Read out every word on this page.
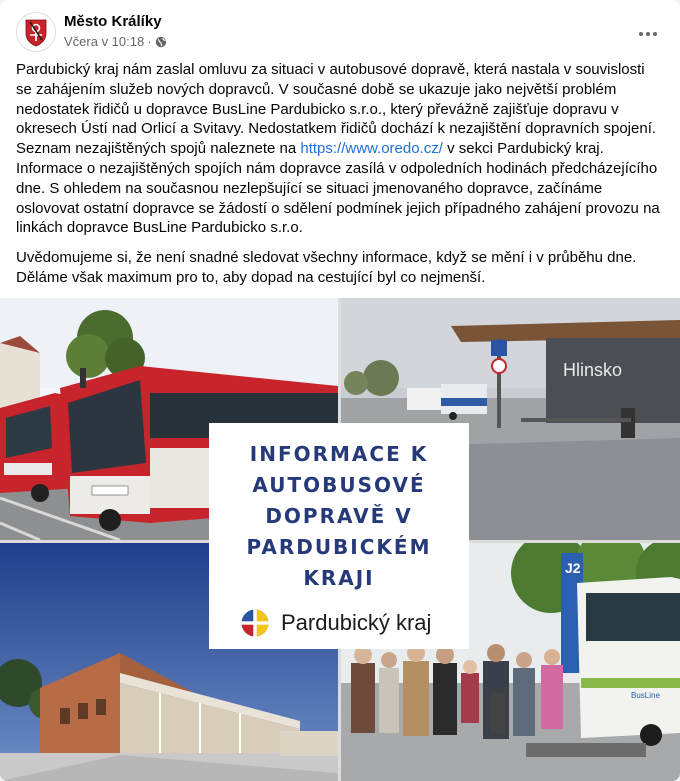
Město Králíky
Včera v 10:18 ·

Pardubický kraj nám zaslal omluvu za situaci v autobusové dopravě, která nastala v souvislosti se zahájením služeb nových dopravců. V současné době se ukazuje jako největší problém nedostatek řidičů u dopravce BusLine Pardubicko s.r.o., který převážně zajišťuje dopravu v okresech Ústí nad Orlicí a Svitavy. Nedostatkem řidičů dochází k nezajištění dopravních spojení. Seznam nezajištěných spojů naleznete na https://www.oredo.cz/ v sekci Pardubický kraj. Informace o nezajištěných spojích nám dopravce zasílá v odpoledních hodinách předcházejícího dne. S ohledem na současnou nezlepšující se situaci jmenovaného dopravce, začínáme oslovovat ostatní dopravce se žádostí o sdělení podmínek jejich případného zahájení provozu na linkách dopravce BusLine Pardubicko s.r.o.

Uvědomujeme si, že není snadné sledovat všechny informace, když se mění i v průběhu dne. Děláme však maximum pro to, aby dopad na cestující byl co nejmenší.

Hlinsko
J2
BusLine
INFORMACE K
AUTOBUSOVÉ
DOPRAVĚ V
PARDUBICKÉM
KRAJI
Pardubický kraj
